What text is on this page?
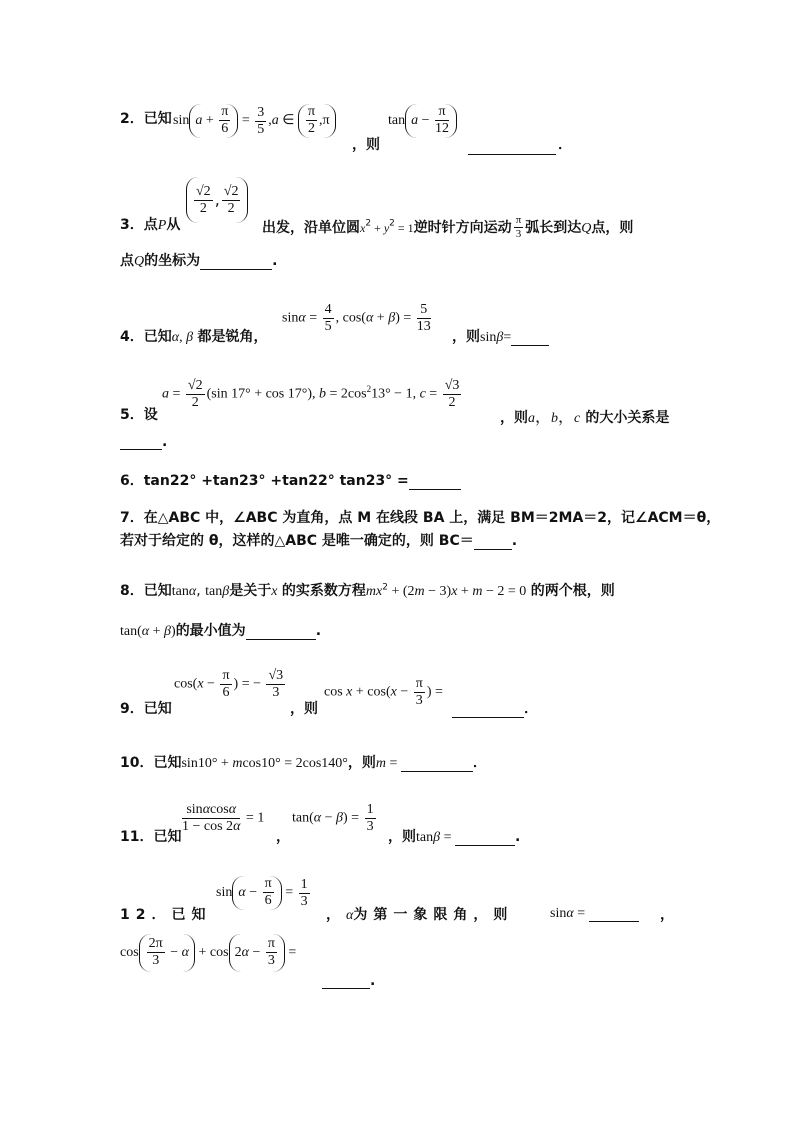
2．已知 $\sin a + \frac{\pi}{6} = \frac{3}{5} ,a$ ∈ $\frac{\pi}{2} ,\pi$
，则
$\tan a - \frac{\pi}{12}$
．
3．点P从
$\frac{√2}{2}$ , $\frac{√2}{2}$
出发，沿单位圆$x^2 + y^2 = 1$逆时针方向运动 $\frac{\pi}{3}$ 弧长到达Q点，则
点Q的坐标为	.
4．已知α, β 都是锐角，
$\sin\alpha = \frac{4}{5}$ , $\cos(\alpha + \beta) = \frac{5}{13}$
，则sinβ=
5．设
$a = \frac{√2}{2} (\sin$ 17° + cos 17°), $b = 2\cos^213^\circ - 1$, $c = \frac{√3}{2}$
，则a，b，c 的大小关系是
.
6．tan22° +tan23° +tan22° tan23° =
7．在△ABC 中，∠ABC 为直角，点 M 在线段 BA 上，满足 BM＝2MA＝2，记∠ACM＝θ，
若对于给定的 θ，这样的△ABC 是唯一确定的，则 BC＝	.
8．已知tanα, tanβ是关于x 的实系数方程$mx^2 + (2m - 3)x + m - 2 = 0$ 的两个根，则
tan(α + β)的最小值为	.
9．已知
$\cos(x - \frac{\pi}{6}$ ) = − $\frac{√3}{3}$
，则
$\cos x + \cos(x - \frac{\pi}{3}$ ) =
．
10．已知sin10° + mcos10° = 2cos140°，则m =	．
11．已知
$\frac{\sin\alpha\cos\alpha}{1 - \cos 2\alpha} = 1$
，
$\tan(\alpha - \beta) = \frac{1}{3}$
，则tanβ =	.
12．已知
$\sin \alpha - \frac{\pi}{6} = \frac{1}{3}$
，α为第一象限角，则	sinα =	，
$\cos \frac{2\pi}{3} - \alpha + \cos 2\alpha - \frac{\pi}{3}$ =
.
